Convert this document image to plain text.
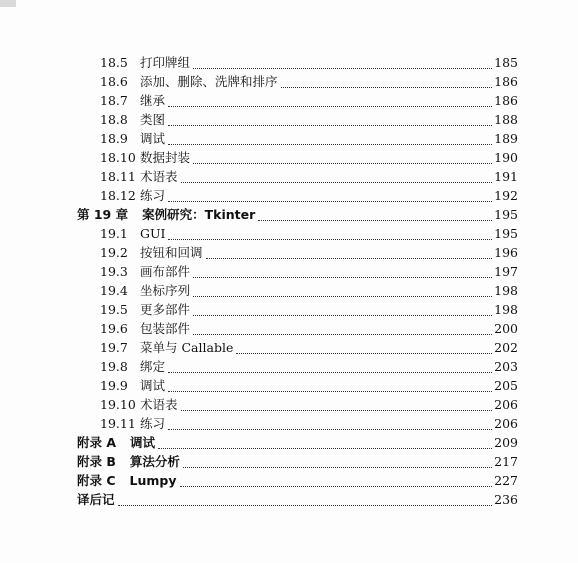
18.5 打印牌组	185
18.6 添加、删除、洗牌和排序	186
18.7 继承	186
18.8 类图	188
18.9 调试	189
18.10 数据封装	190
18.11 术语表	191
18.12 练习	192
第 19 章	案例研究：Tkinter	195
19.1 GUI	195
19.2 按钮和回调	196
19.3 画布部件	197
19.4 坐标序列	198
19.5 更多部件	198
19.6 包装部件	200
19.7 菜单与 Callable	202
19.8 绑定	203
19.9 调试	205
19.10 术语表	206
19.11 练习	206
附录 A	调试	209
附录 B	算法分析	217
附录 C	Lumpy	227
译后记	236
